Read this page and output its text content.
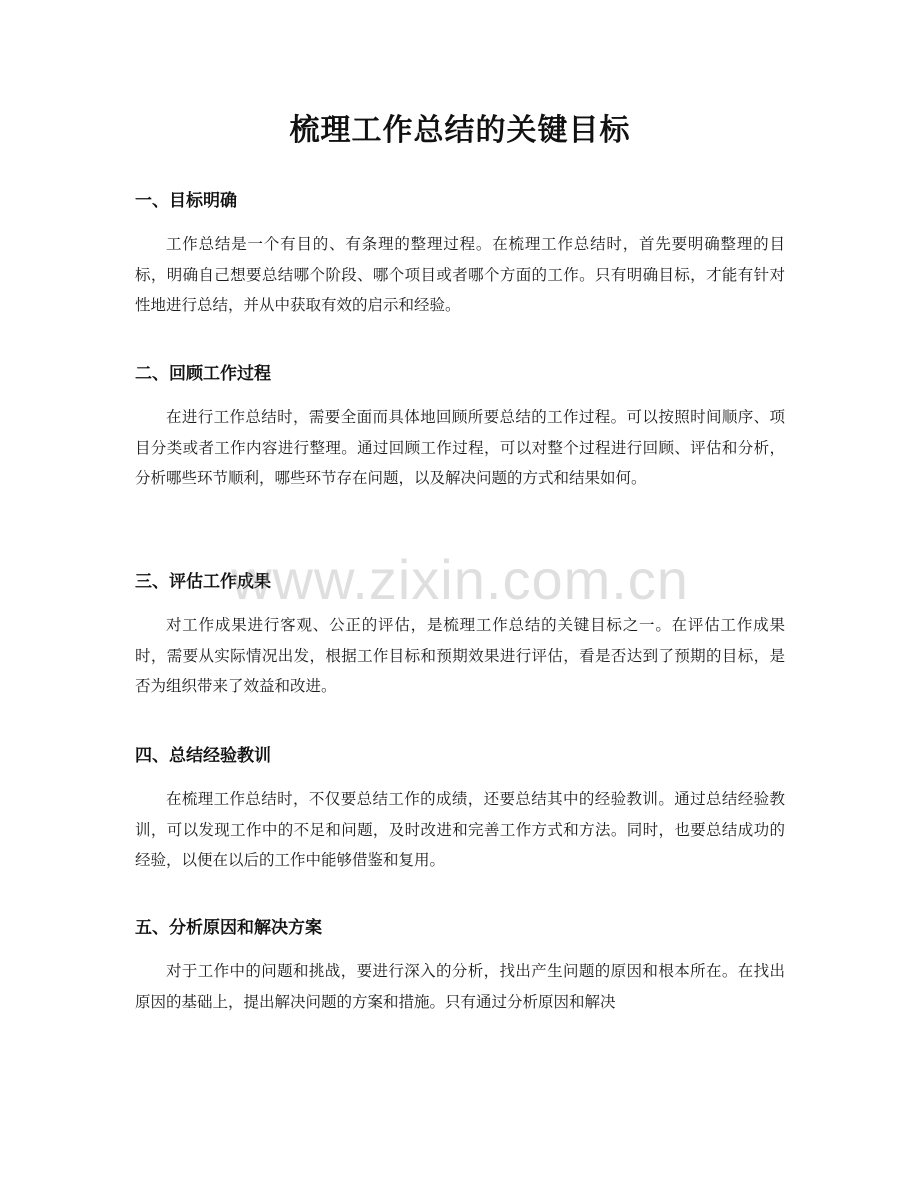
梳理工作总结的关键目标
一、目标明确

工作总结是一个有目的、有条理的整理过程。在梳理工作总结时，首先要明确整理的目标，明确自己想要总结哪个阶段、哪个项目或者哪个方面的工作。只有明确目标，才能有针对性地进行总结，并从中获取有效的启示和经验。

二、回顾工作过程

在进行工作总结时，需要全面而具体地回顾所要总结的工作过程。可以按照时间顺序、项目分类或者工作内容进行整理。通过回顾工作过程，可以对整个过程进行回顾、评估和分析，分析哪些环节顺利，哪些环节存在问题，以及解决问题的方式和结果如何。

三、评估工作成果

对工作成果进行客观、公正的评估，是梳理工作总结的关键目标之一。在评估工作成果时，需要从实际情况出发，根据工作目标和预期效果进行评估，看是否达到了预期的目标，是否为组织带来了效益和改进。

四、总结经验教训

在梳理工作总结时，不仅要总结工作的成绩，还要总结其中的经验教训。通过总结经验教训，可以发现工作中的不足和问题，及时改进和完善工作方式和方法。同时，也要总结成功的经验，以便在以后的工作中能够借鉴和复用。

五、分析原因和解决方案

对于工作中的问题和挑战，要进行深入的分析，找出产生问题的原因和根本所在。在找出原因的基础上，提出解决问题的方案和措施。只有通过分析原因和解决

www.zixin.com.cn
